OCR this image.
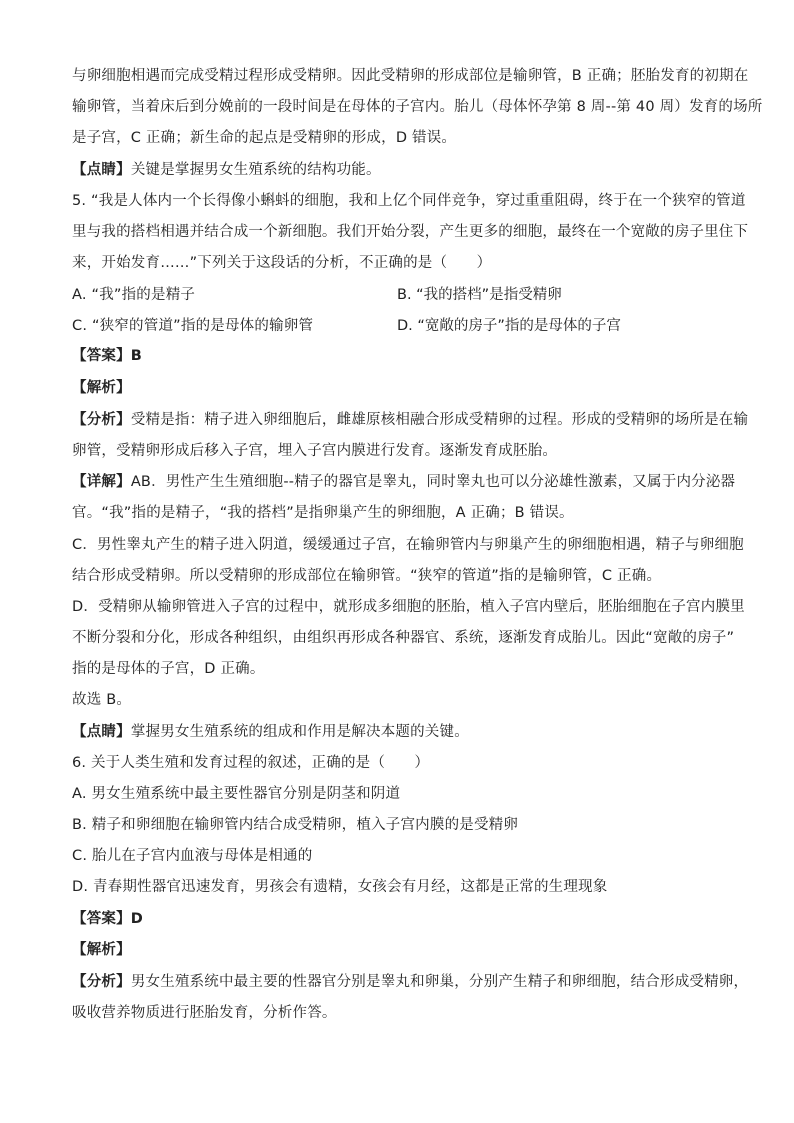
与卵细胞相遇而完成受精过程形成受精卵。因此受精卵的形成部位是输卵管，B 正确；胚胎发育的初期在
输卵管，当着床后到分娩前的一段时间是在母体的子宫内。胎儿（母体怀孕第 8 周--第 40 周）发育的场所
是子宫，C 正确；新生命的起点是受精卵的形成，D 错误。
【点睛】关键是掌握男女生殖系统的结构功能。
5. “我是人体内一个长得像小蝌蚪的细胞，我和上亿个同伴竞争，穿过重重阻碍，终于在一个狭窄的管道
里与我的搭档相遇并结合成一个新细胞。我们开始分裂，产生更多的细胞，最终在一个宽敞的房子里住下
来，开始发育……”下列关于这段话的分析，不正确的是（　　）
A. “我”指的是精子	B. “我的搭档”是指受精卵
C. “狭窄的管道”指的是母体的输卵管	D. “宽敞的房子”指的是母体的子宫
【答案】B
【解析】
【分析】受精是指：精子进入卵细胞后，雌雄原核相融合形成受精卵的过程。形成的受精卵的场所是在输
卵管，受精卵形成后移入子宫，埋入子宫内膜进行发育。逐渐发育成胚胎。
【详解】AB．男性产生生殖细胞--精子的器官是睾丸，同时睾丸也可以分泌雄性激素，又属于内分泌器
官。“我”指的是精子，“我的搭档”是指卵巢产生的卵细胞，A 正确；B 错误。
C．男性睾丸产生的精子进入阴道，缓缓通过子宫，在输卵管内与卵巢产生的卵细胞相遇，精子与卵细胞
结合形成受精卵。所以受精卵的形成部位在输卵管。“狭窄的管道”指的是输卵管，C 正确。
D．受精卵从输卵管进入子宫的过程中，就形成多细胞的胚胎，植入子宫内壁后，胚胎细胞在子宫内膜里
不断分裂和分化，形成各种组织，由组织再形成各种器官、系统，逐渐发育成胎儿。因此“宽敞的房子”
指的是母体的子宫，D 正确。
故选 B。
【点睛】掌握男女生殖系统的组成和作用是解决本题的关键。
6. 关于人类生殖和发育过程的叙述，正确的是（　　）
A. 男女生殖系统中最主要性器官分别是阴茎和阴道
B. 精子和卵细胞在输卵管内结合成受精卵，植入子宫内膜的是受精卵
C. 胎儿在子宫内血液与母体是相通的
D. 青春期性器官迅速发育，男孩会有遗精，女孩会有月经，这都是正常的生理现象
【答案】D
【解析】
【分析】男女生殖系统中最主要的性器官分别是睾丸和卵巢，分别产生精子和卵细胞，结合形成受精卵，
吸收营养物质进行胚胎发育，分析作答。
